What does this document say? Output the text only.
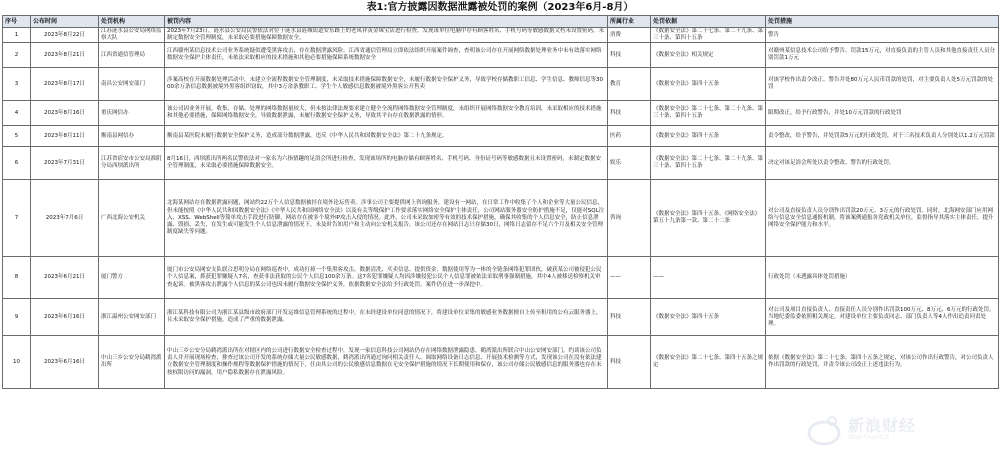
表1:官方披露因数据泄露被处罚的案例（2023年6月-8月）
序号	公布时间	处罚机构	被罚内容	所属行业	处罚依据	处罚措施
1	2023年8月22日	江苏涟水县公安局网络监察大队	2023年7月23日，涟水县公安局民警依法对位于涟水县涟城街道安东路上的老凤祥黄金珠宝店进行检查，发现该单位电脑中存有顾客姓名、手机号码等敏感数据文档未设置密码，未制定数据安全管理制度，未采取必要措施保障数据安全。	消费	《数据安全法》第二十七条、第二十九条、第三十条、第四十五条	警告
2	2023年8月21日	江西省通信管理局	江西赣州某信息技术公司业务系统疑似遭受黑客攻击，存在数据泄露风险。江西省通信管理局立即依法组织开展案件调查，查明该公司存在开展网络数据处理业务中未有效落实网络数据安全保护主体责任，未依法采取相应的技术措施和其他必要措施保障系统数据安全	科技	《数据安全法》相关规定	对赣州某信息技术公司给予警告、罚款15万元，对直接负责的主管人员和其他直接责任人员分别罚款1万元
3	2023年8月17日	南昌公安网安部门	涉案高校在开展数据处理活动中，未建立全流程数据安全管理制度，未采取技术措施保障数据安全，未履行数据安全保护义务，导致学校存储教职工信息、学生信息、教师信息等3000余万条信息数据被境外黑客组织窃取，其中3万余条教职工、学生个人敏感信息数据被境外黑客公开售卖	教育	《数据安全法》第四十五条	对该学校作出责令改正、警告并处80万元人民币罚款的处罚，对主要负责人处5万元罚款的处罚
4	2023年8月16日	重庆网信办	该公司因业务开展，收集、存储、处理的网络数据量较大，但未按法律法规要求建立健全全流程网络数据安全管理制度，未组织开展网络数据安全教育培训，未采取相应的技术措施和其他必要措施，保障网络数据安全，导致数据泄露，未履行数据安全保护义务，导致其平台存在数据泄露的情形。	科技	《数据安全法》第二十七条、第二十九条、第三十条、第四十五条	限期改正，给予行政警告，并处10万元罚款的行政处罚
5	2023年8月11日	衡南县网信办	衡南县某医院未履行数据安全保护义务，造成部分数据泄露，违反《中华人民共和国数据安全法》第二十九条规定。	医药	《数据安全法》第四十五条	责令整改，给予警告，并处罚款5万元的行政处罚，对于三名技术负责人分别处以1.2万元罚款
6	2023年7月31日	江苏省宿安市公安局淮阴分局西坝派出所	8月16日，西坝派出所两名民警依法对一家名为六指情趣的足浴会所进行检查，发现该场所的电脑存储有顾客姓名、手机号码、身份证号码等敏感数据且未设置密码，未制定数据安全管理制度，未采取必要措施保障数据安全。	娱乐	《数据安全法》第二十七条、第二十九条、第三十条、第四十五条	决定对该足浴会所处以责令整改、警告的行政处罚。
7	2023年7月6日	广西北海公安机关	北海某网站存在数据泄露问题，网站约22万个人信息数据被挂在境外论坛售卖。涉事公司主要提供网上咨询服务，建设有一网站，在日常工作中收集了个人和企业等大量公民信息，但未能按照《中华人民共和国数据安全法》《中华人民共和国网络安全法》以及有关等级保护工作要求落实网络安全保护主体责任，公司网站服务器安全防护措施不足，仅能对SQL注入、XSS、WebShell等简单攻击手段进行防御，网站存在被多个境外IP攻击入侵的情况。此外，公司未采取加密等有效的技术保护措施，确保其收集的个人信息安全，防止信息泄露、毁损、丢失，在发生或可能发生个人信息泄露的情况下，未及时告知用户和主动向公安机关报告。该公司还存在网站日志只存储30日，网络日志留存不足六个月及相关安全管理制度缺失等问题。	咨询	《数据安全法》第四十五条、《网络安全法》第五十九条第一款、第二十二条	对公司及直接负责人员分别作出罚款20万元、3万元的行政处罚。同时，北海网安部门应用网络与信息安全信息通报机制，将该案例通报各党政机关单位，监督指导其落实主体责任，提升网络安全保护能力和水平。
8	2023年6月21日	厦门警方	厦门市公安局网安支队联合思明分局在网络巡查中，成功打掉一个集黑客攻击、数据清洗、买卖信息、提供资金、数据使用等为一体的全链条网络犯罪团伙，破获某公司被侵犯公民个人信息案，抓获犯罪嫌疑人7名，查获非法获取的公民个人信息100余万条。这7名犯罪嫌疑人均因涉嫌侵犯公民个人信息罪被依法采取刑事强制措施，其中4人被移送检察机关审查起诉。被黑客攻击泄露个人信息的某公司也因未履行数据安全保护义务，依据数据安全法给予行政处罚。案件仍在进一步深挖中。	——	——	行政处罚（未透露具体处罚措施）
9	2023年6月16日	浙江温州公安网安部门	浙江某科技有限公司为浙江某县级市政府部门开发运维信息管理系统的过程中，在未经建设单位同意的情况下，将建设单位采集的敏感业务数据擅自上传至租用的公有云服务器上，且未采取安全保护措施，造成了严重的数据泄露。	科技	《数据安全法》第四十五条	对公司及项目直接负责人、直接责任人员分别作出罚款100万元、8万元、6万元的行政处罚。当地纪委监委依照相关规定，对建设单位主要负责同志、部门负责人等4人作出追责问责处理。
10	2023年6月16日	中山三乡公安分局鹤湾派出所	中山三乡公安分局鹤湾派出所在对辖区内的公司进行数据安全检查过程中，发现一家信息科技公司网站仍存在网络数据泄露隐患。鹤湾派出所联合中山公安网安部门，约谈该公司负责人并开展现场检查，排查过该公司开发的系统存储大量公民敏感数据，鹤湾派出所通过询问相关责任人、调取网络设备日志信息、开展技术检测等方式，发现该公司在没有依法建立数据安全管理制度和操作规程等数据保护措施的情况下，任由其公司的公民敏感信息数据在无安全保护措施的情况下长期使用和保存，该公司存储公民敏感信息的服务器也存在未按权限访问的漏洞，用户隐私数据存在泄露风险。	科技	《数据安全法》第二十七条、第四十五条之规定	依据《数据安全法》第二十七条、第四十五条之规定，对该公司作出行政警告，对公司负责人作出罚款的行政处罚，并责令该公司改正上述违法行为。
新浪财经
SINA FINANCE
